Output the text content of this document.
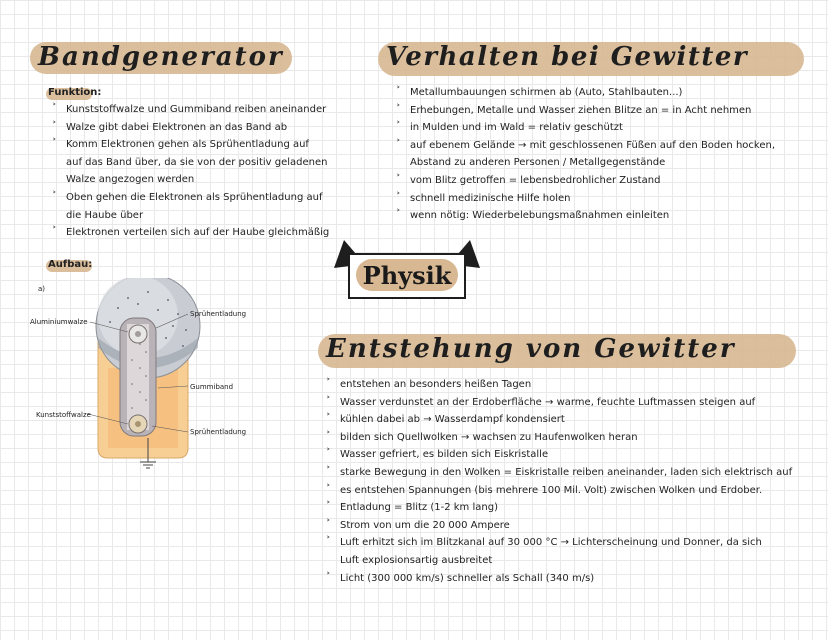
Bandgenerator
Funktion:
˃ Kunststoffwalze und Gummiband reiben aneinander
˃ Walze gibt dabei Elektronen an das Band ab
˃ Komm Elektronen gehen als Sprühentladung auf
auf das Band über, da sie von der positiv geladenen
Walze angezogen werden
˃ Oben gehen die Elektronen als Sprühentladung auf
die Haube über
˃ Elektronen verteilen sich auf der Haube gleichmäßig
Aufbau:
a)
Sprühentladung
Aluminiumwalze
Gummiband
Kunststoffwalze
Sprühentladung
Physik
Verhalten bei Gewitter
˃ Metallumbauungen schirmen ab (Auto, Stahlbauten...)
˃ Erhebungen, Metalle und Wasser ziehen Blitze an = in Acht nehmen
˃ in Mulden und im Wald = relativ geschützt
˃ auf ebenem Gelände → mit geschlossenen Füßen auf den Boden hocken,
Abstand zu anderen Personen / Metallgegenstände
˃ vom Blitz getroffen = lebensbedrohlicher Zustand
˃ schnell medizinische Hilfe holen
˃ wenn nötig: Wiederbelebungsmaßnahmen einleiten
Entstehung von Gewitter
˃ entstehen an besonders heißen Tagen
˃ Wasser verdunstet an der Erdoberfläche → warme, feuchte Luftmassen steigen auf
˃ kühlen dabei ab → Wasserdampf kondensiert
˃ bilden sich Quellwolken → wachsen zu Haufenwolken heran
˃ Wasser gefriert, es bilden sich Eiskristalle
˃ starke Bewegung in den Wolken = Eiskristalle reiben aneinander, laden sich elektrisch auf
˃ es entstehen Spannungen (bis mehrere 100 Mil. Volt) zwischen Wolken und Erdober.
˃ Entladung = Blitz (1-2 km lang)
˃ Strom von um die 20 000 Ampere
˃ Luft erhitzt sich im Blitzkanal auf 30 000 °C → Lichterscheinung und Donner, da sich
Luft explosionsartig ausbreitet
˃ Licht (300 000 km/s) schneller als Schall (340 m/s)
